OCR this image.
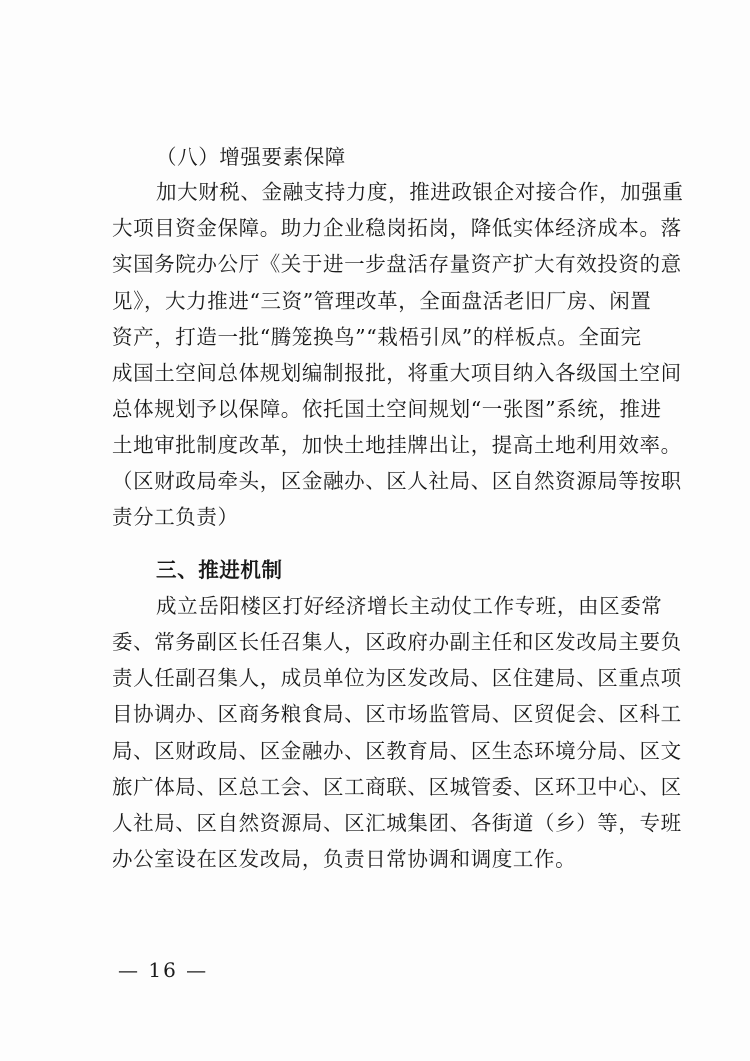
（八）增强要素保障
加大财税、金融支持力度，推进政银企对接合作，加强重
大项目资金保障。助力企业稳岗拓岗，降低实体经济成本。落
实国务院办公厅《关于进一步盘活存量资产扩大有效投资的意
见》，大力推进“三资”管理改革，全面盘活老旧厂房、闲置
资产，打造一批“腾笼换鸟”“栽梧引凤”的样板点。全面完
成国土空间总体规划编制报批，将重大项目纳入各级国土空间
总体规划予以保障。依托国土空间规划“一张图”系统，推进
土地审批制度改革，加快土地挂牌出让，提高土地利用效率。
（区财政局牵头，区金融办、区人社局、区自然资源局等按职
责分工负责）
三、推进机制
成立岳阳楼区打好经济增长主动仗工作专班，由区委常
委、常务副区长任召集人，区政府办副主任和区发改局主要负
责人任副召集人，成员单位为区发改局、区住建局、区重点项
目协调办、区商务粮食局、区市场监管局、区贸促会、区科工
局、区财政局、区金融办、区教育局、区生态环境分局、区文
旅广体局、区总工会、区工商联、区城管委、区环卫中心、区
人社局、区自然资源局、区汇城集团、各街道（乡）等，专班
办公室设在区发改局，负责日常协调和调度工作。
— 16 —
